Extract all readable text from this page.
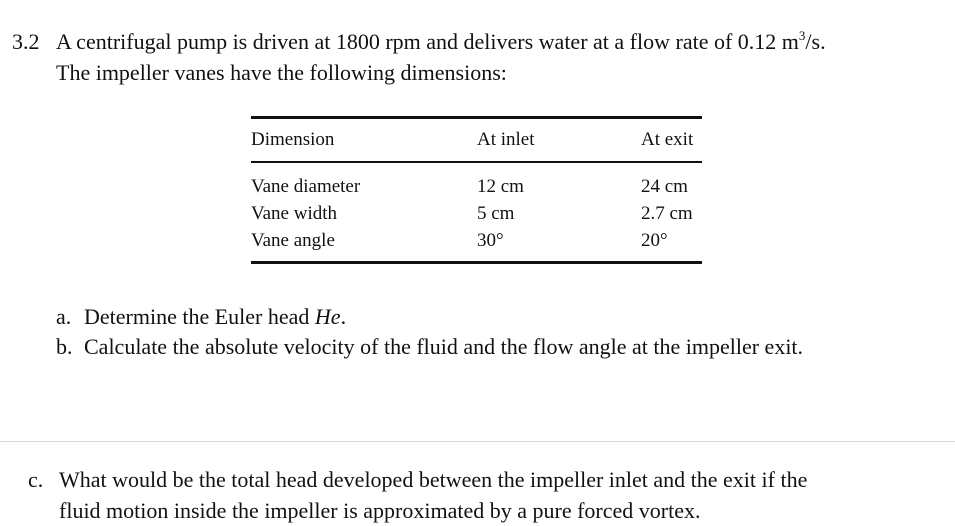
3.2 A centrifugal pump is driven at 1800 rpm and delivers water at a flow rate of 0.12 $m^3/s$.
The impeller vanes have the following dimensions:
Dimension	At inlet	At exit
Vane diameter	12 cm	24 cm
Vane width	5 cm	2.7 cm
Vane angle	30°	20°
a. Determine the Euler head He.
b. Calculate the absolute velocity of the fluid and the flow angle at the impeller exit.
c. What would be the total head developed between the impeller inlet and the exit if the
fluid motion inside the impeller is approximated by a pure forced vortex.
